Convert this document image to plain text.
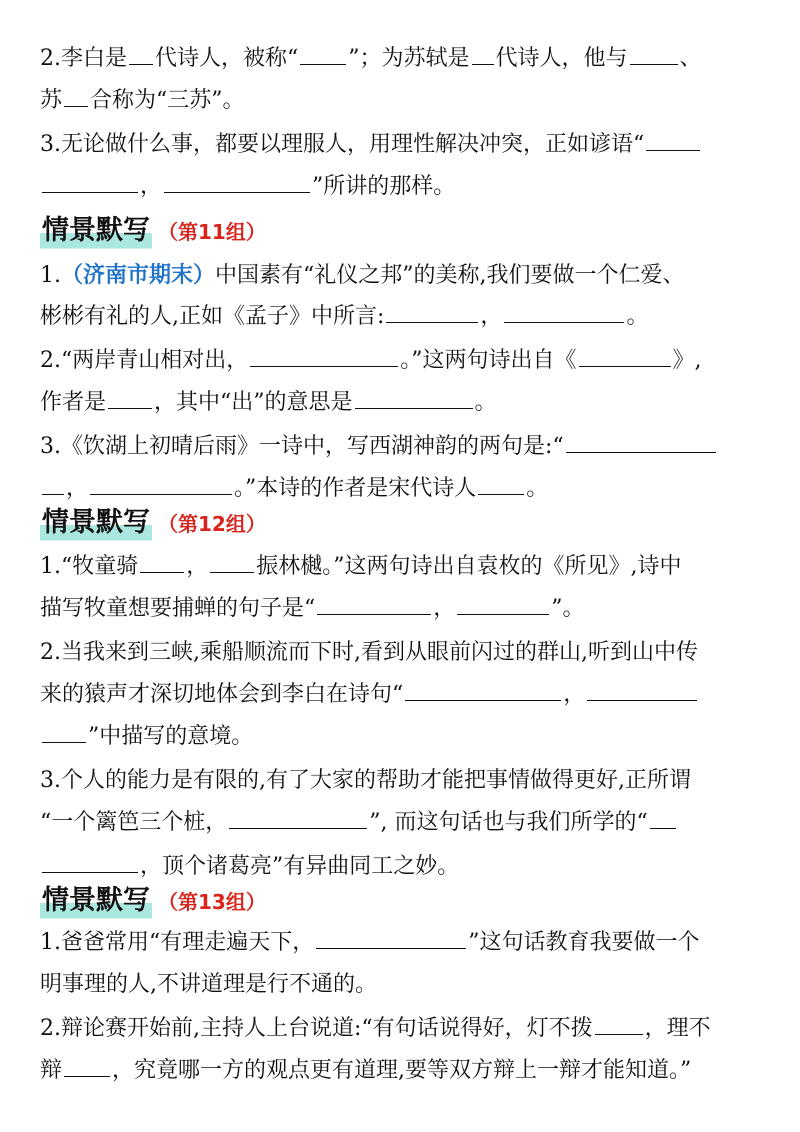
2.李白是 代诗人，被称“ ”；为苏轼是 代诗人，他与 、
苏 合称为“三苏”。
3.无论做什么事，都要以理服人，用理性解决冲突，正如谚语“
，	”所讲的那样。
情景默写 （第11组）
1.（济南市期末）中国素有“礼仪之邦”的美称,我们要做一个仁爱、
彬彬有礼的人,正如《孟子》中所言:	，	。
2.“两岸青山相对出，	。”这两句诗出自《	》,
作者是 ，其中“出”的意思是	。
3.《饮湖上初晴后雨》一诗中，写西湖神韵的两句是:“
，	。”本诗的作者是宋代诗人 。
情景默写 （第12组）
1.“牧童骑 ， 振林樾。”这两句诗出自袁枚的《所见》,诗中
描写牧童想要捕蝉的句子是“	，	”。
2.当我来到三峡,乘船顺流而下时,看到从眼前闪过的群山,听到山中传
来的猿声才深切地体会到李白在诗句“	，
”中描写的意境。
3.个人的能力是有限的,有了大家的帮助才能把事情做得更好,正所谓
“一个篱笆三个桩，	”, 而这句话也与我们所学的“
，顶个诸葛亮”有异曲同工之妙。
情景默写 （第13组）
1.爸爸常用“有理走遍天下，	”这句话教育我要做一个
明事理的人,不讲道理是行不通的。
2.辩论赛开始前,主持人上台说道:“有句话说得好，灯不拨 ，理不
辩 ，究竟哪一方的观点更有道理,要等双方辩上一辩才能知道。”
